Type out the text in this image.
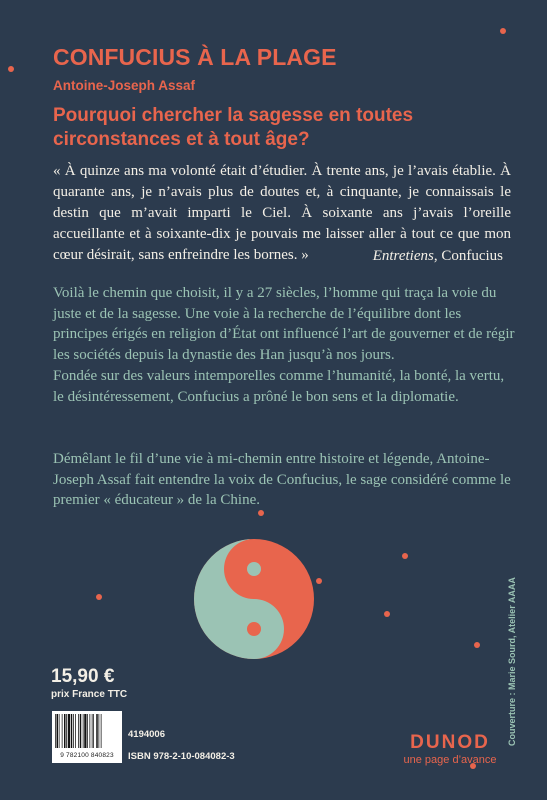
CONFUCIUS À LA PLAGE
Antoine-Joseph Assaf
Pourquoi chercher la sagesse en toutes circonstances et à tout âge?
« À quinze ans ma volonté était d’étudier. À trente ans, je l’avais établie. À quarante ans, je n’avais plus de doutes et, à cinquante, je connaissais le destin que m’avait imparti le Ciel. À soixante ans j’avais l’oreille accueillante et à soixante-dix je pouvais me laisser aller à tout ce que mon cœur désirait, sans enfreindre les bornes. »	Entretiens, Confucius
Voilà le chemin que choisit, il y a 27 siècles, l’homme qui traça la voie du juste et de la sagesse. Une voie à la recherche de l’équilibre dont les principes érigés en religion d’État ont influencé l’art de gouverner et de régir les sociétés depuis la dynastie des Han jusqu’à nos jours.
Fondée sur des valeurs intemporelles comme l’humanité, la bonté, la vertu, le désintéressement, Confucius a prôné le bon sens et la diplomatie.
Démêlant le fil d’une vie à mi-chemin entre histoire et légende, Antoine-Joseph Assaf fait entendre la voix de Confucius, le sage considéré comme le premier « éducateur » de la Chine.
Couverture : Marie Sourd, Atelier AAAA
15,90 €
prix France TTC
9 782100 840823
4194006
ISBN 978-2-10-084082-3
DUNOD
une page d’avance
